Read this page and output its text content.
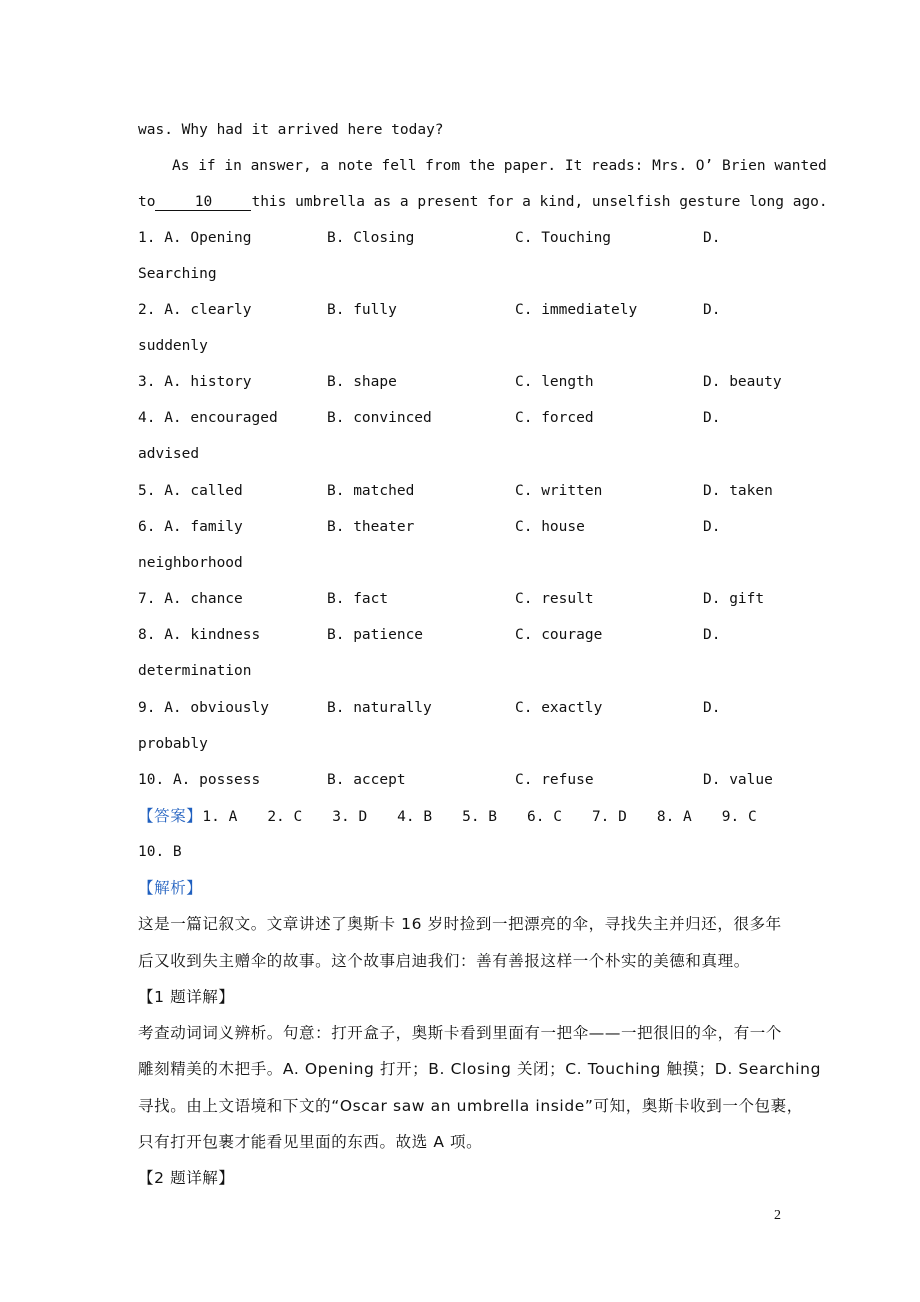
was. Why had it arrived here today?
As if in answer, a note fell from the paper. It reads: Mrs. O’ Brien wanted
to	10	this umbrella as a present for a kind, unselfish gesture long ago.
1. A. Opening	B. Closing	C. Touching	D.
Searching
2. A. clearly	B. fully	C. immediately	D.
suddenly
3. A. history	B. shape	C. length	D. beauty
4. A. encouraged	B. convinced	C. forced	D.
advised
5. A. called	B. matched	C. written	D. taken
6. A. family	B. theater	C. house	D.
neighborhood
7. A. chance	B. fact	C. result	D. gift
8. A. kindness	B. patience	C. courage	D.
determination
9. A. obviously	B. naturally	C. exactly	D.
probably
10. A. possess	B. accept	C. refuse	D. value
【答案】1. A 2. C 3. D 4. B 5. B 6. C 7. D 8. A 9. C
10. B
【解析】
这是一篇记叙文。文章讲述了奥斯卡 16 岁时捡到一把漂亮的伞，寻找失主并归还，很多年
后又收到失主赠伞的故事。这个故事启迪我们：善有善报这样一个朴实的美德和真理。
【1 题详解】
考查动词词义辨析。句意：打开盒子，奥斯卡看到里面有一把伞——一把很旧的伞，有一个
雕刻精美的木把手。A. Opening 打开；B. Closing 关闭；C. Touching 触摸；D. Searching
寻找。由上文语境和下文的“Oscar saw an umbrella inside”可知，奥斯卡收到一个包裹，
只有打开包裹才能看见里面的东西。故选 A 项。
【2 题详解】
2
